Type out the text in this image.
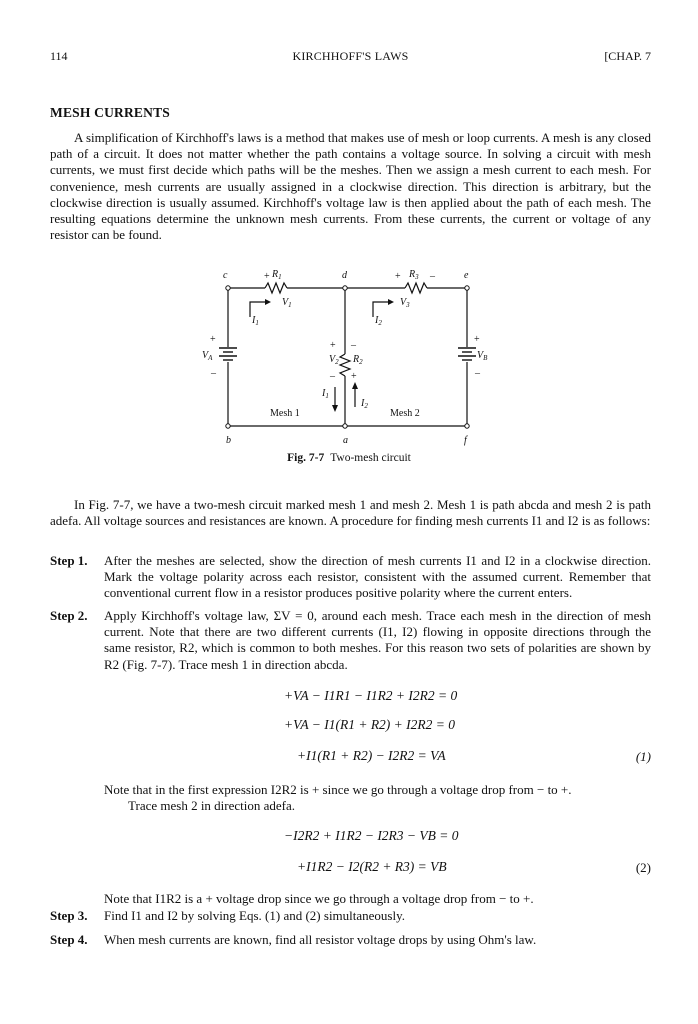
114	KIRCHHOFF'S LAWS	[CHAP. 7
MESH CURRENTS

A simplification of Kirchhoff's laws is a method that makes use of mesh or loop currents. A mesh is any closed path of a circuit. It does not matter whether the path contains a voltage source. In solving a circuit with mesh currents, we must first decide which paths will be the meshes. Then we assign a mesh current to each mesh. For convenience, mesh currents are usually assigned in a clockwise direction. This direction is arbitrary, but the clockwise direction is usually assumed. Kirchhoff's voltage law is then applied about the path of each mesh. The resulting equations determine the unknown mesh currents. From these currents, the current or voltage of any resistor can be found.

c	d	e
b	a	f
+ $R_1$	+ $R_3$ –
$V_1$	$V_3$
$I_1$	$I_2$
+
$V_A$
–
+
$V_B$
–
+ –
$V_2$ $R_2$
– +
$I_1$
$I_2$
Mesh 1	Mesh 2
Fig. 7-7 Two-mesh circuit

In Fig. 7-7, we have a two-mesh circuit marked mesh 1 and mesh 2. Mesh 1 is path abcda and mesh 2 is path adefa. All voltage sources and resistances are known. A procedure for finding mesh currents I1 and I2 is as follows:

Step 1. After the meshes are selected, show the direction of mesh currents I1 and I2 in a clockwise direction. Mark the voltage polarity across each resistor, consistent with the assumed current. Remember that conventional current flow in a resistor produces positive polarity where the current enters.
Step 2. Apply Kirchhoff's voltage law, ΣV = 0, around each mesh. Trace each mesh in the direction of mesh current. Note that there are two different currents (I1, I2) flowing in opposite directions through the same resistor, R2, which is common to both meshes. For this reason two sets of polarities are shown by R2 (Fig. 7-7). Trace mesh 1 in direction abcda.
+VA − I1R1 − I1R2 + I2R2 = 0
+VA − I1(R1 + R2) + I2R2 = 0
+I1(R1 + R2) − I2R2 = VA	(1)
Note that in the first expression I2R2 is + since we go through a voltage drop from − to +.
Trace mesh 2 in direction adefa.
−I2R2 + I1R2 − I2R3 − VB = 0
+I1R2 − I2(R2 + R3) = VB	(2)
Note that I1R2 is a + voltage drop since we go through a voltage drop from − to +.
Step 3. Find I1 and I2 by solving Eqs. (1) and (2) simultaneously.
Step 4. When mesh currents are known, find all resistor voltage drops by using Ohm's law.
